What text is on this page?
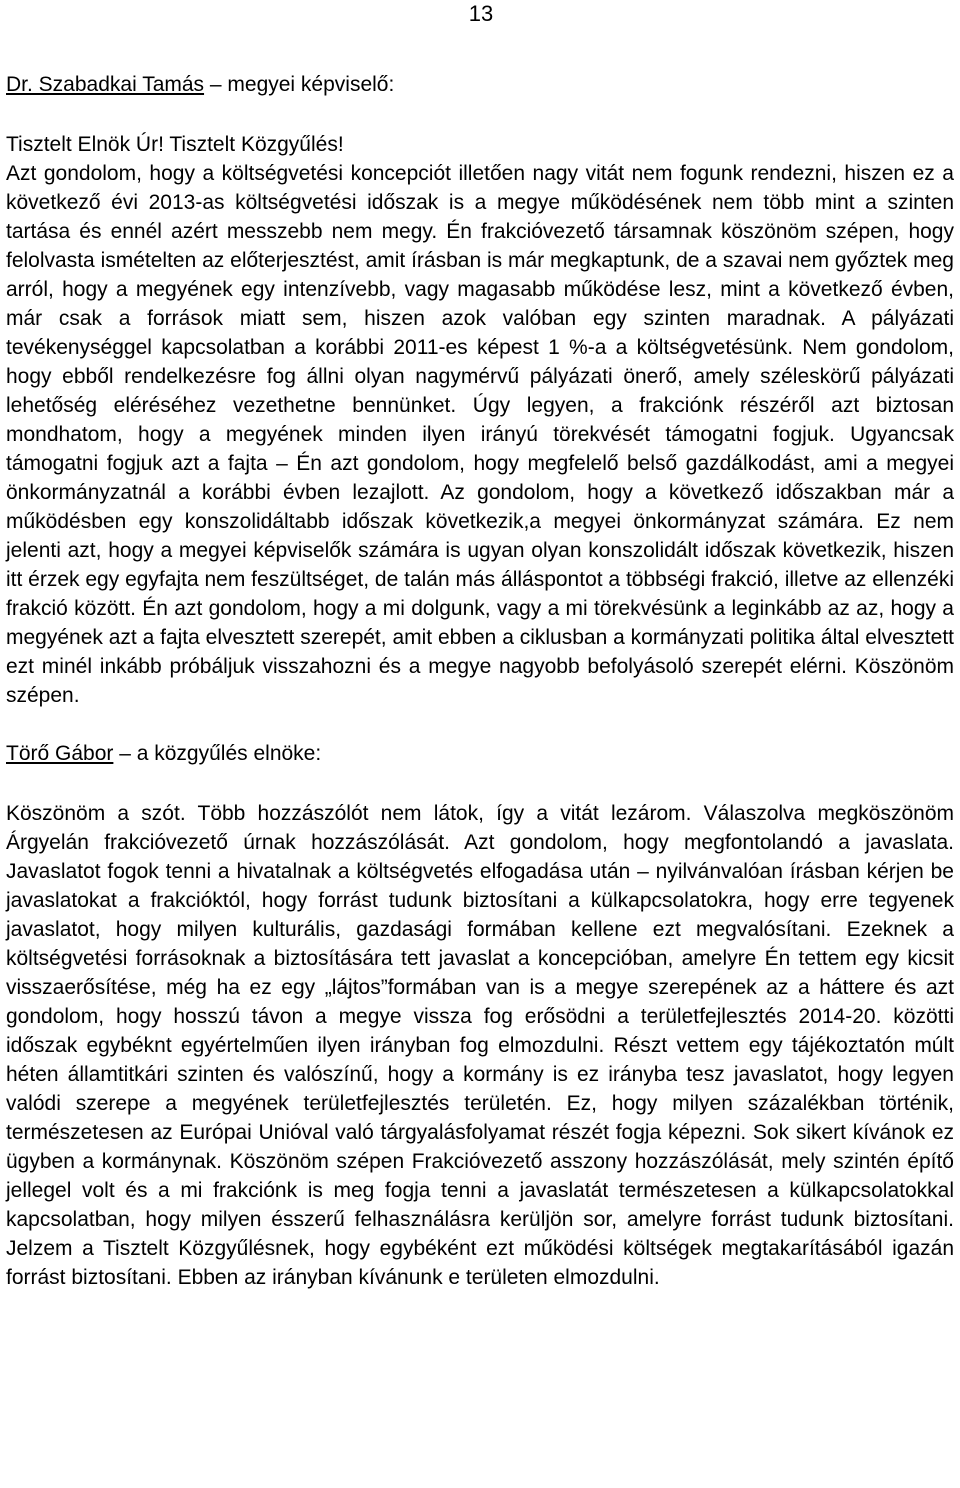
13

Dr. Szabadkai Tamás – megyei képviselő:

Tisztelt Elnök Úr! Tisztelt Közgyűlés!

Azt gondolom, hogy a költségvetési koncepciót illetően nagy vitát nem fogunk rendezni, hiszen ez a következő évi 2013-as költségvetési időszak is a megye működésének nem több mint a szinten tartása és ennél azért messzebb nem megy. Én frakcióvezető társamnak köszönöm szépen, hogy felolvasta ismételten az előterjesztést, amit írásban is már megkaptunk, de a szavai nem győztek meg arról, hogy a megyének egy intenzívebb, vagy magasabb működése lesz, mint a következő évben, már csak a források miatt sem, hiszen azok valóban egy szinten maradnak. A pályázati tevékenységgel kapcsolatban a korábbi 2011-es képest 1 %-a a költségvetésünk. Nem gondolom, hogy ebből rendelkezésre fog állni olyan nagymérvű pályázati önerő, amely széleskörű pályázati lehetőség eléréséhez vezethetne bennünket. Úgy legyen, a frakciónk részéről azt biztosan mondhatom, hogy a megyének minden ilyen irányú törekvését támogatni fogjuk. Ugyancsak támogatni fogjuk azt a fajta – Én azt gondolom, hogy megfelelő belső gazdálkodást, ami a megyei önkormányzatnál a korábbi évben lezajlott. Az gondolom, hogy a következő időszakban már a működésben egy konszolidáltabb időszak következik,a megyei önkormányzat számára. Ez nem jelenti azt, hogy a megyei képviselők számára is ugyan olyan konszolidált időszak következik, hiszen itt érzek egy egyfajta nem feszültséget, de talán más álláspontot a többségi frakció, illetve az ellenzéki frakció között. Én azt gondolom, hogy a mi dolgunk, vagy a mi törekvésünk a leginkább az az, hogy a megyének azt a fajta elvesztett szerepét, amit ebben a ciklusban a kormányzati politika által elvesztett ezt minél inkább próbáljuk visszahozni és a megye nagyobb befolyásoló szerepét elérni. Köszönöm szépen.

Törő Gábor – a közgyűlés elnöke:

Köszönöm a szót. Több hozzászólót nem látok, így a vitát lezárom. Válaszolva megköszönöm Árgyelán frakcióvezető úrnak hozzászólását. Azt gondolom, hogy megfontolandó a javaslata. Javaslatot fogok tenni a hivatalnak a költségvetés elfogadása után – nyilvánvalóan írásban kérjen be javaslatokat a frakcióktól, hogy forrást tudunk biztosítani a külkapcsolatokra, hogy erre tegyenek javaslatot, hogy milyen kulturális, gazdasági formában kellene ezt megvalósítani. Ezeknek a költségvetési forrásoknak a biztosítására tett javaslat a koncepcióban, amelyre Én tettem egy kicsit visszaerősítése, még ha ez egy „lájtos”formában van is a megye szerepének az a háttere és azt gondolom, hogy hosszú távon a megye vissza fog erősödni a területfejlesztés 2014-20. közötti időszak egybéknt egyértelműen ilyen irányban fog elmozdulni. Részt vettem egy tájékoztatón múlt héten államtitkári szinten és valószínű, hogy a kormány is ez irányba tesz javaslatot, hogy legyen valódi szerepe a megyének területfejlesztés területén. Ez, hogy milyen százalékban történik, természetesen az Európai Unióval való tárgyalásfolyamat részét fogja képezni. Sok sikert kívánok ez ügyben a kormánynak. Köszönöm szépen Frakcióvezető asszony hozzászólását, mely szintén építő jellegel volt és a mi frakciónk is meg fogja tenni a javaslatát természetesen a külkapcsolatokkal kapcsolatban, hogy milyen ésszerű felhasználásra kerüljön sor, amelyre forrást tudunk biztosítani. Jelzem a Tisztelt Közgyűlésnek, hogy egybéként ezt működési költségek megtakarításából igazán forrást biztosítani. Ebben az irányban kívánunk e területen elmozdulni.
